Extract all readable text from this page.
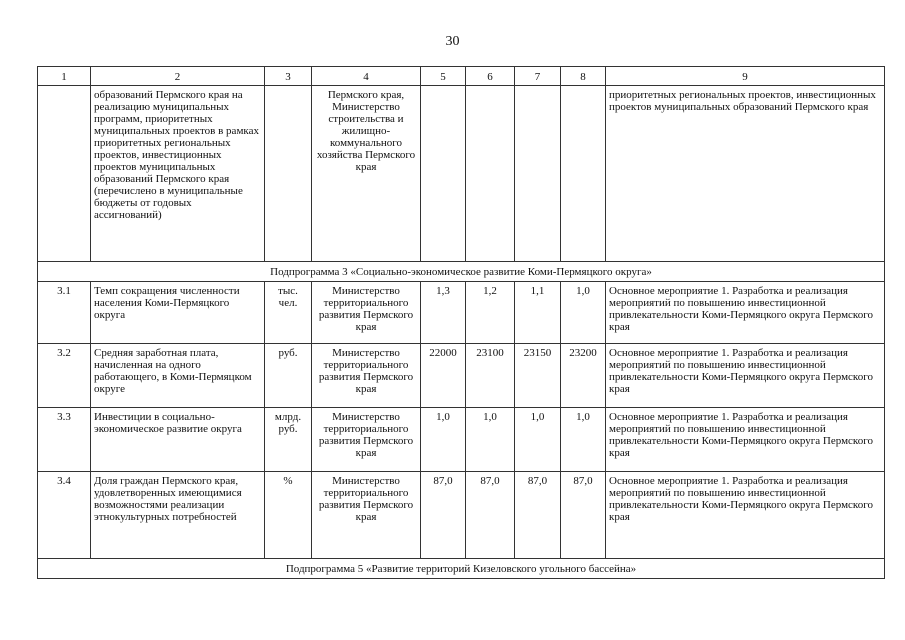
30
1	2	3	4	5	6	7	8	9
	образований Пермского края на реализацию муниципальных программ, приоритетных муниципальных проектов в рамках приоритетных региональных проектов, инвестиционных проектов муниципальных образований Пермского края (перечислено в муниципальные бюджеты от годовых ассигнований)		Пермского края, Министерство строительства и жилищно-коммунального хозяйства Пермского края					приоритетных региональных проектов, инвестиционных проектов муниципальных образований Пермского края
Подпрограмма 3 «Социально-экономическое развитие Коми-Пермяцкого округа»								
3.1	Темп сокращения численности населения Коми-Пермяцкого округа	тыс. чел.	Министерство территориального развития Пермского края	1,3	1,2	1,1	1,0	Основное мероприятие 1. Разработка и реализация мероприятий по повышению инвестиционной привлекательности Коми-Пермяцкого округа Пермского края
3.2	Средняя заработная плата, начисленная на одного работающего, в Коми-Пермяцком округе	руб.	Министерство территориального развития Пермского края	22000	23100	23150	23200	Основное мероприятие 1. Разработка и реализация мероприятий по повышению инвестиционной привлекательности Коми-Пермяцкого округа Пермского края
3.3	Инвестиции в социально-экономическое развитие округа	млрд. руб.	Министерство территориального развития Пермского края	1,0	1,0	1,0	1,0	Основное мероприятие 1. Разработка и реализация мероприятий по повышению инвестиционной привлекательности Коми-Пермяцкого округа Пермского края
3.4	Доля граждан Пермского края, удовлетворенных имеющимися возможностями реализации этнокультурных потребностей	%	Министерство территориального развития Пермского края	87,0	87,0	87,0	87,0	Основное мероприятие 1. Разработка и реализация мероприятий по повышению инвестиционной привлекательности Коми-Пермяцкого округа Пермского края
Подпрограмма 5 «Развитие территорий Кизеловского угольного бассейна»								
